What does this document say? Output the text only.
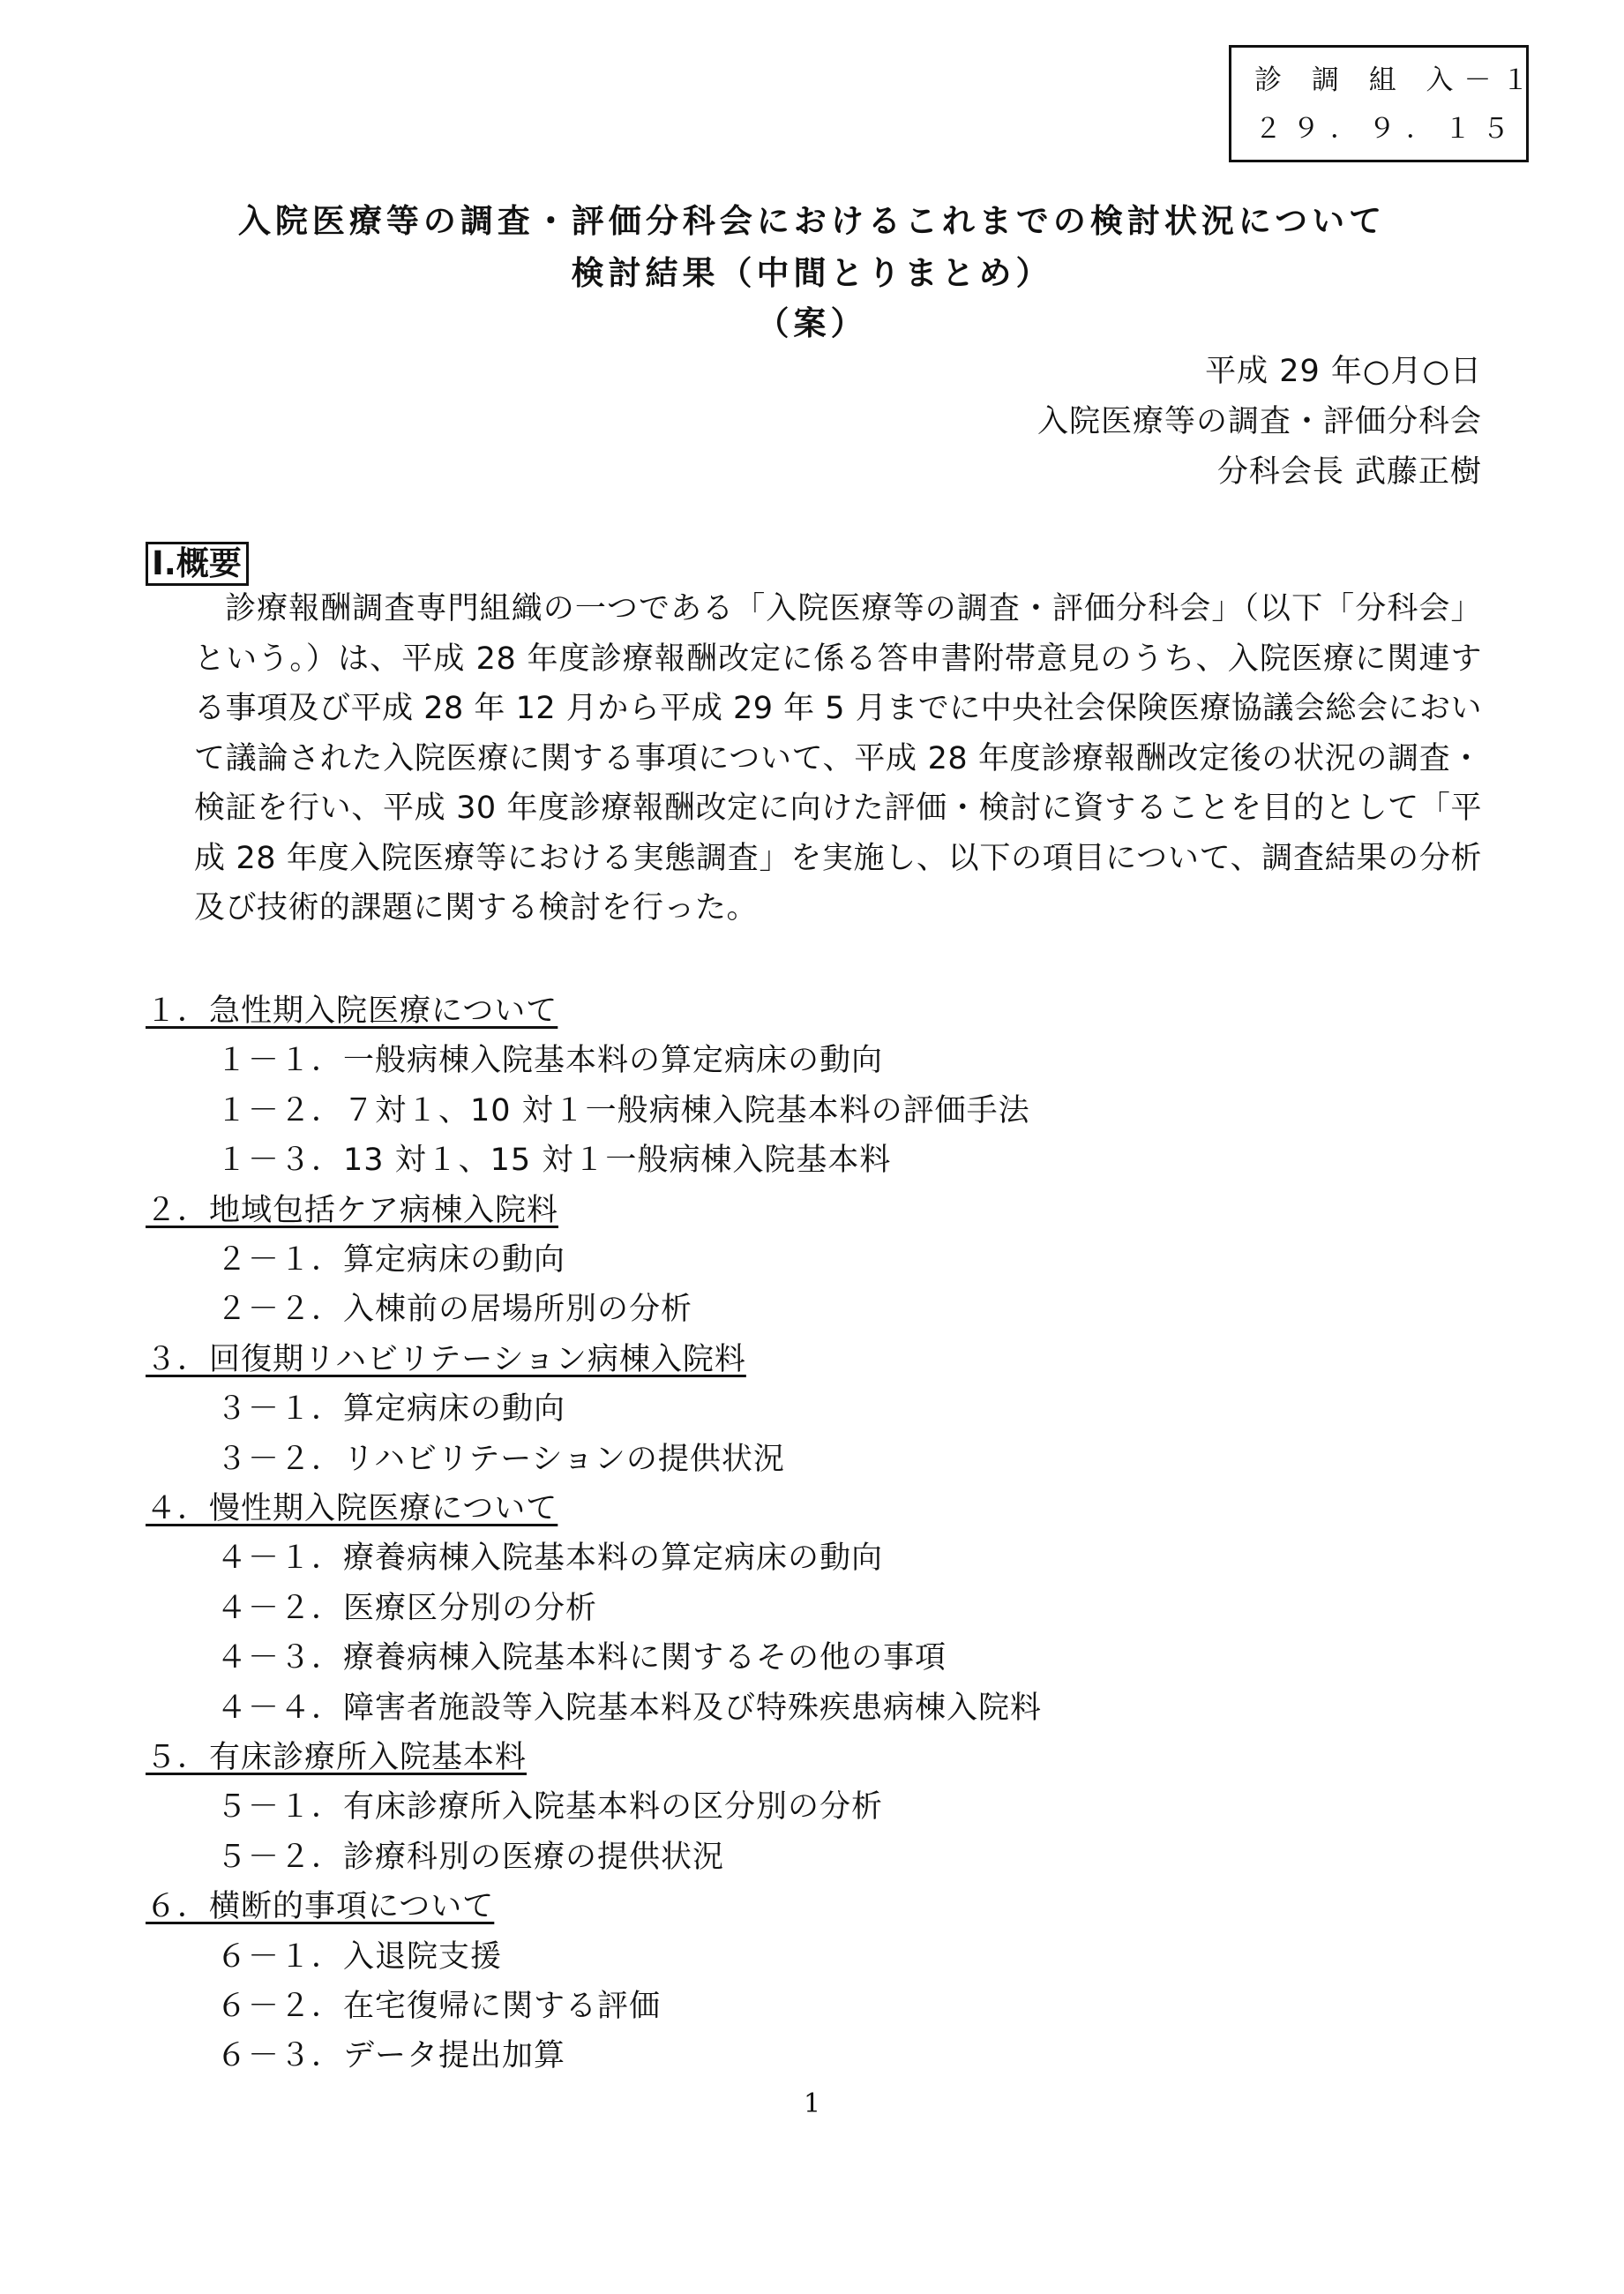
診 調 組 入－１
２９．９．１５
入院医療等の調査・評価分科会におけるこれまでの検討状況について
検討結果（中間とりまとめ）
（案）
平成 29 年○月○日
入院医療等の調査・評価分科会
分科会長 武藤正樹
Ⅰ.概要

診療報酬調査専門組織の一つである「入院医療等の調査・評価分科会」（以下「分科会」という。）は、平成 28 年度診療報酬改定に係る答申書附帯意見のうち、入院医療に関連する事項及び平成 28 年 12 月から平成 29 年 5 月までに中央社会保険医療協議会総会において議論された入院医療に関する事項について、平成 28 年度診療報酬改定後の状況の調査・検証を行い、平成 30 年度診療報酬改定に向けた評価・検討に資することを目的として「平成 28 年度入院医療等における実態調査」を実施し、以下の項目について、調査結果の分析及び技術的課題に関する検討を行った。

１．急性期入院医療について
１－１．一般病棟入院基本料の算定病床の動向
１－２．７対１、10 対１一般病棟入院基本料の評価手法
１－３．13 対１、15 対１一般病棟入院基本料
２．地域包括ケア病棟入院料
２－１．算定病床の動向
２－２．入棟前の居場所別の分析
３．回復期リハビリテーション病棟入院料
３－１．算定病床の動向
３－２．リハビリテーションの提供状況
４．慢性期入院医療について
４－１．療養病棟入院基本料の算定病床の動向
４－２．医療区分別の分析
４－３．療養病棟入院基本料に関するその他の事項
４－４．障害者施設等入院基本料及び特殊疾患病棟入院料
５．有床診療所入院基本料
５－１．有床診療所入院基本料の区分別の分析
５－２．診療科別の医療の提供状況
６．横断的事項について
６－１．入退院支援
６－２．在宅復帰に関する評価
６－３．データ提出加算
1
